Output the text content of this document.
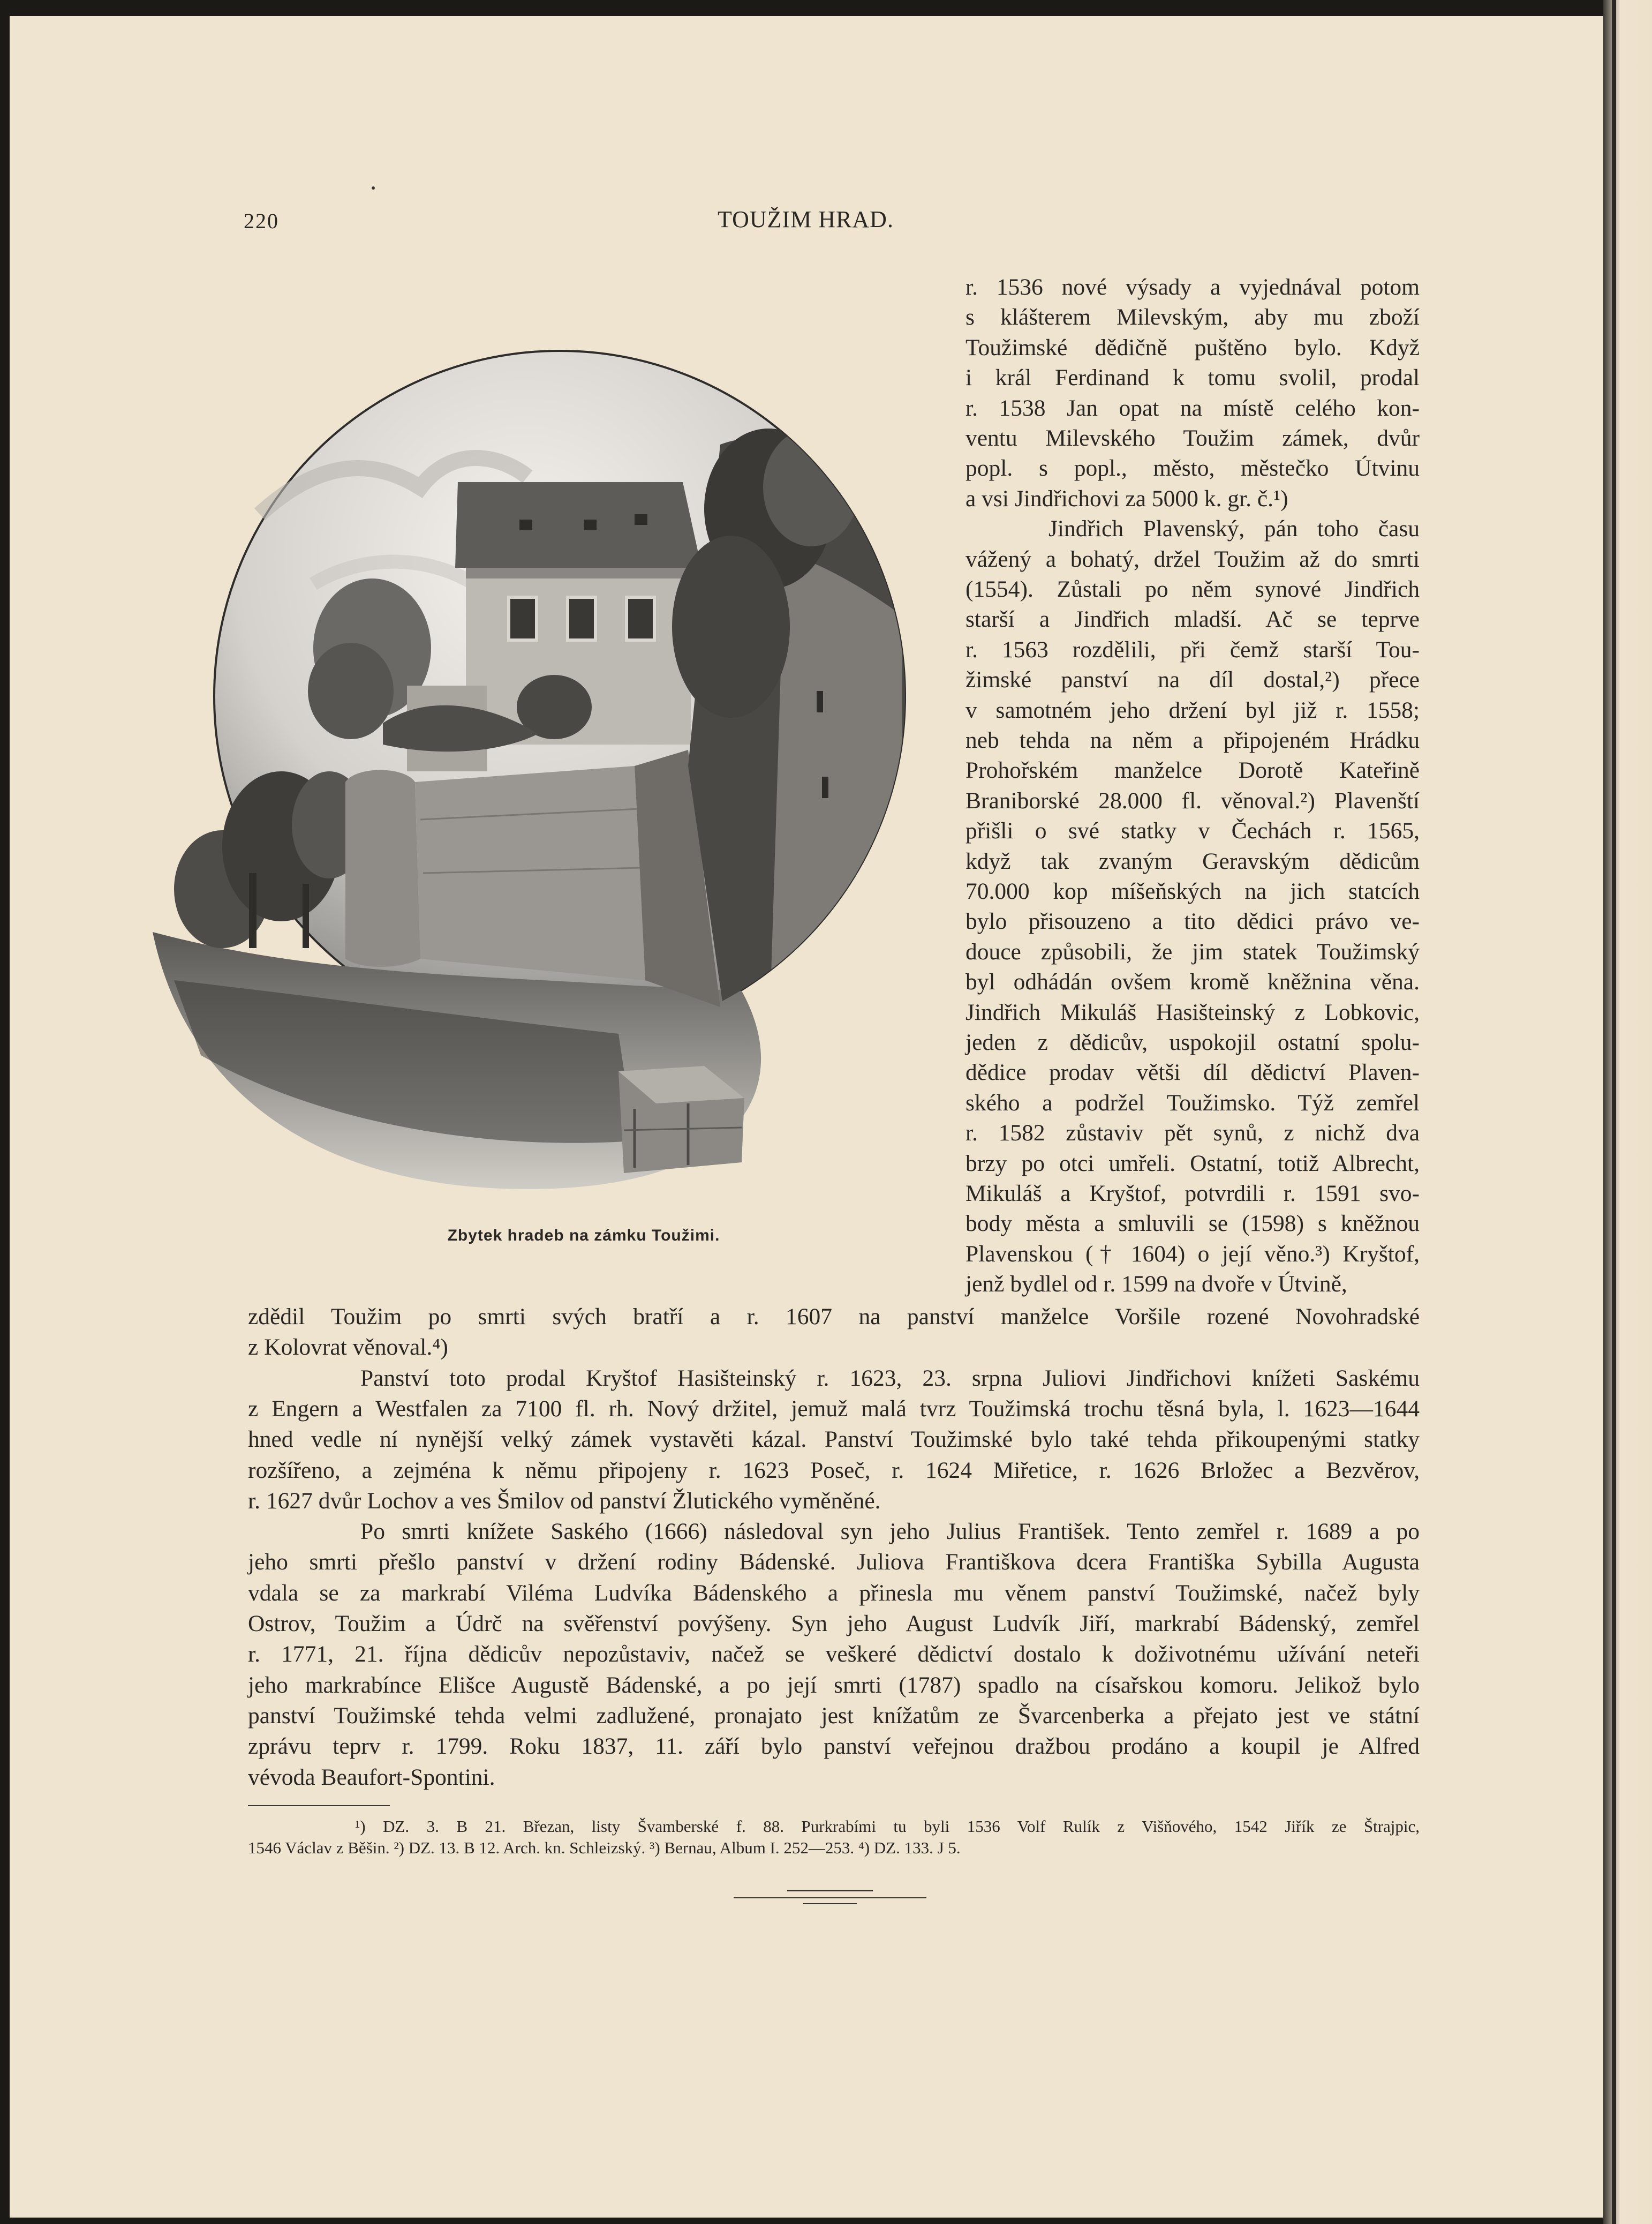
220	TOUŽIM HRAD.
Zbytek hradeb na zámku Toužimi.
r. 1536 nové výsady a vyjednával potom
s klášterem Milevským, aby mu zboží
Toužimské dědičně puštěno bylo. Když
i král Ferdinand k tomu svolil, prodal
r. 1538 Jan opat na místě celého kon-
ventu Milevského Toužim zámek, dvůr
popl. s popl., město, městečko Útvinu
a vsi Jindřichovi za 5000 k. gr. č.¹)
Jindřich Plavenský, pán toho času
vážený a bohatý, držel Toužim až do smrti
(1554). Zůstali po něm synové Jindřich
starší a Jindřich mladší. Ač se teprve
r. 1563 rozdělili, při čemž starší Tou-
žimské panství na díl dostal,²) přece
v samotném jeho držení byl již r. 1558;
neb tehda na něm a připojeném Hrádku
Prohořském manželce Dorotě Kateřině
Braniborské 28.000 fl. věnoval.²) Plavenští
přišli o své statky v Čechách r. 1565,
když tak zvaným Geravským dědicům
70.000 kop míšeňských na jich statcích
bylo přisouzeno a tito dědici právo ve-
douce způsobili, že jim statek Toužimský
byl odhádán ovšem kromě kněžnina věna.
Jindřich Mikuláš Hasišteinský z Lobkovic,
jeden z dědicův, uspokojil ostatní spolu-
dědice prodav větši díl dědictví Plaven-
ského a podržel Toužimsko. Týž zemřel
r. 1582 zůstaviv pět synů, z nichž dva
brzy po otci umřeli. Ostatní, totiž Albrecht,
Mikuláš a Kryštof, potvrdili r. 1591 svo-
body města a smluvili se (1598) s kněžnou
Plavenskou († 1604) o její věno.³) Kryštof,
jenž bydlel od r. 1599 na dvoře v Útvině,
zdědil Toužim po smrti svých bratří a r. 1607 na panství manželce Voršile rozené Novohradské
z Kolovrat věnoval.⁴)
Panství toto prodal Kryštof Hasišteinský r. 1623, 23. srpna Juliovi Jindřichovi knížeti Saskému
z Engern a Westfalen za 7100 fl. rh. Nový držitel, jemuž malá tvrz Toužimská trochu těsná byla, l. 1623—1644
hned vedle ní nynější velký zámek vystavěti kázal. Panství Toužimské bylo také tehda přikoupenými statky
rozšířeno, a zejména k němu připojeny r. 1623 Poseč, r. 1624 Miřetice, r. 1626 Brložec a Bezvěrov,
r. 1627 dvůr Lochov a ves Šmilov od panství Žlutického vyměněné.
Po smrti knížete Saského (1666) následoval syn jeho Julius František. Tento zemřel r. 1689 a po
jeho smrti přešlo panství v držení rodiny Bádenské. Juliova Františkova dcera Františka Sybilla Augusta
vdala se za markrabí Viléma Ludvíka Bádenského a přinesla mu věnem panství Toužimské, načež byly
Ostrov, Toužim a Údrč na svěřenství povýšeny. Syn jeho August Ludvík Jiří, markrabí Bádenský, zemřel
r. 1771, 21. října dědicův nepozůstaviv, načež se veškeré dědictví dostalo k doživotnému užívání neteři
jeho markrabínce Elišce Augustě Bádenské, a po její smrti (1787) spadlo na císařskou komoru. Jelikož bylo
panství Toužimské tehda velmi zadlužené, pronajato jest knížatům ze Švarcenberka a přejato jest ve státní
zprávu teprv r. 1799. Roku 1837, 11. září bylo panství veřejnou dražbou prodáno a koupil je Alfred
vévoda Beaufort-Spontini.
¹) DZ. 3. B 21. Březan, listy Švamberské f. 88. Purkrabími tu byli 1536 Volf Rulík z Višňového, 1542 Jiřík ze Štrajpic,
1546 Václav z Běšin. ²) DZ. 13. B 12. Arch. kn. Schleizský. ³) Bernau, Album I. 252—253. ⁴) DZ. 133. J 5.
